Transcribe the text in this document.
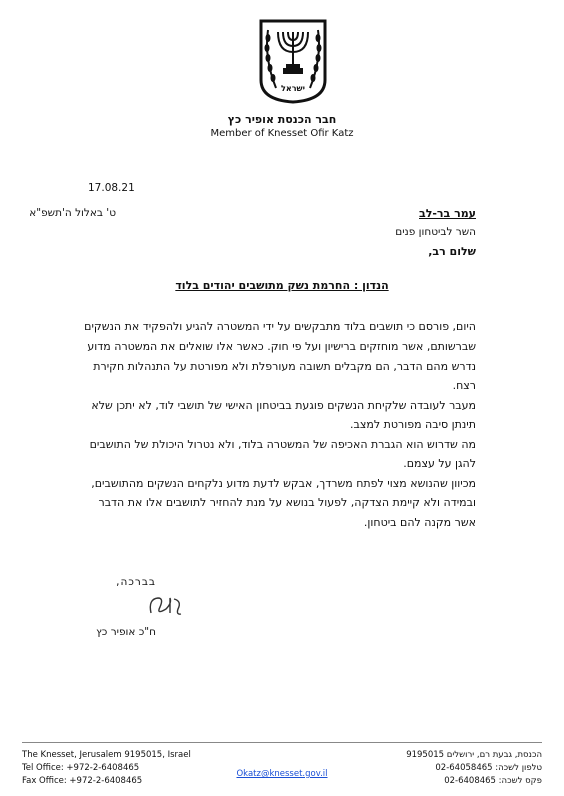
ישראל
חבר הכנסת אופיר כץ
Member of Knesset Ofir Katz
17.08.21
ט' באלול ה'תשפ"א	עמר בר-לב
השר לביטחון פנים
שלום רב,
הנדון : החרמת נשק מתושבים יהודים בלוד
היום, פורסם כי תושבים בלוד מתבקשים על ידי המשטרה להגיע ולהפקיד את הנשקים
שברשותם, אשר מוחזקים ברישיון ועל פי חוק. כאשר אלו שואלים את המשטרה מדוע
נדרש מהם הדבר, הם מקבלים תשובה מעורפלת ולא מפורטת על התנהלות חקירת
רצח.
מעבר לעובדה שלקיחת הנשקים פוגעת בביטחון האישי של תושבי לוד, לא יתכן שלא
תינתן סיבה מפורטת למצב.
מה שדרוש הוא הגברת האכיפה של המשטרה בלוד, ולא נטרול היכולת של התושבים
להגן על עצמם.
מכיוון שהנושא מצוי לפתח משרדך, אבקש לדעת מדוע נלקחים הנשקים מהתושבים,
ובמידה ולא קיימת הצדקה, לפעול בנושא על מנת להחזיר לתושבים אלו את הדבר
אשר מקנה להם ביטחון.
בברכה,
ח"כ אופיר כץ
The Knesset, Jerusalem 9195015, Israel
Tel Office: +972-2-6408465
Fax Office: +972-2-6408465
Okatz@knesset.gov.il
הכנסת, גבעת רם, ירושלים 9195015
טלפון לשכה: 02-64058465
פקס לשכה: 02-6408465
